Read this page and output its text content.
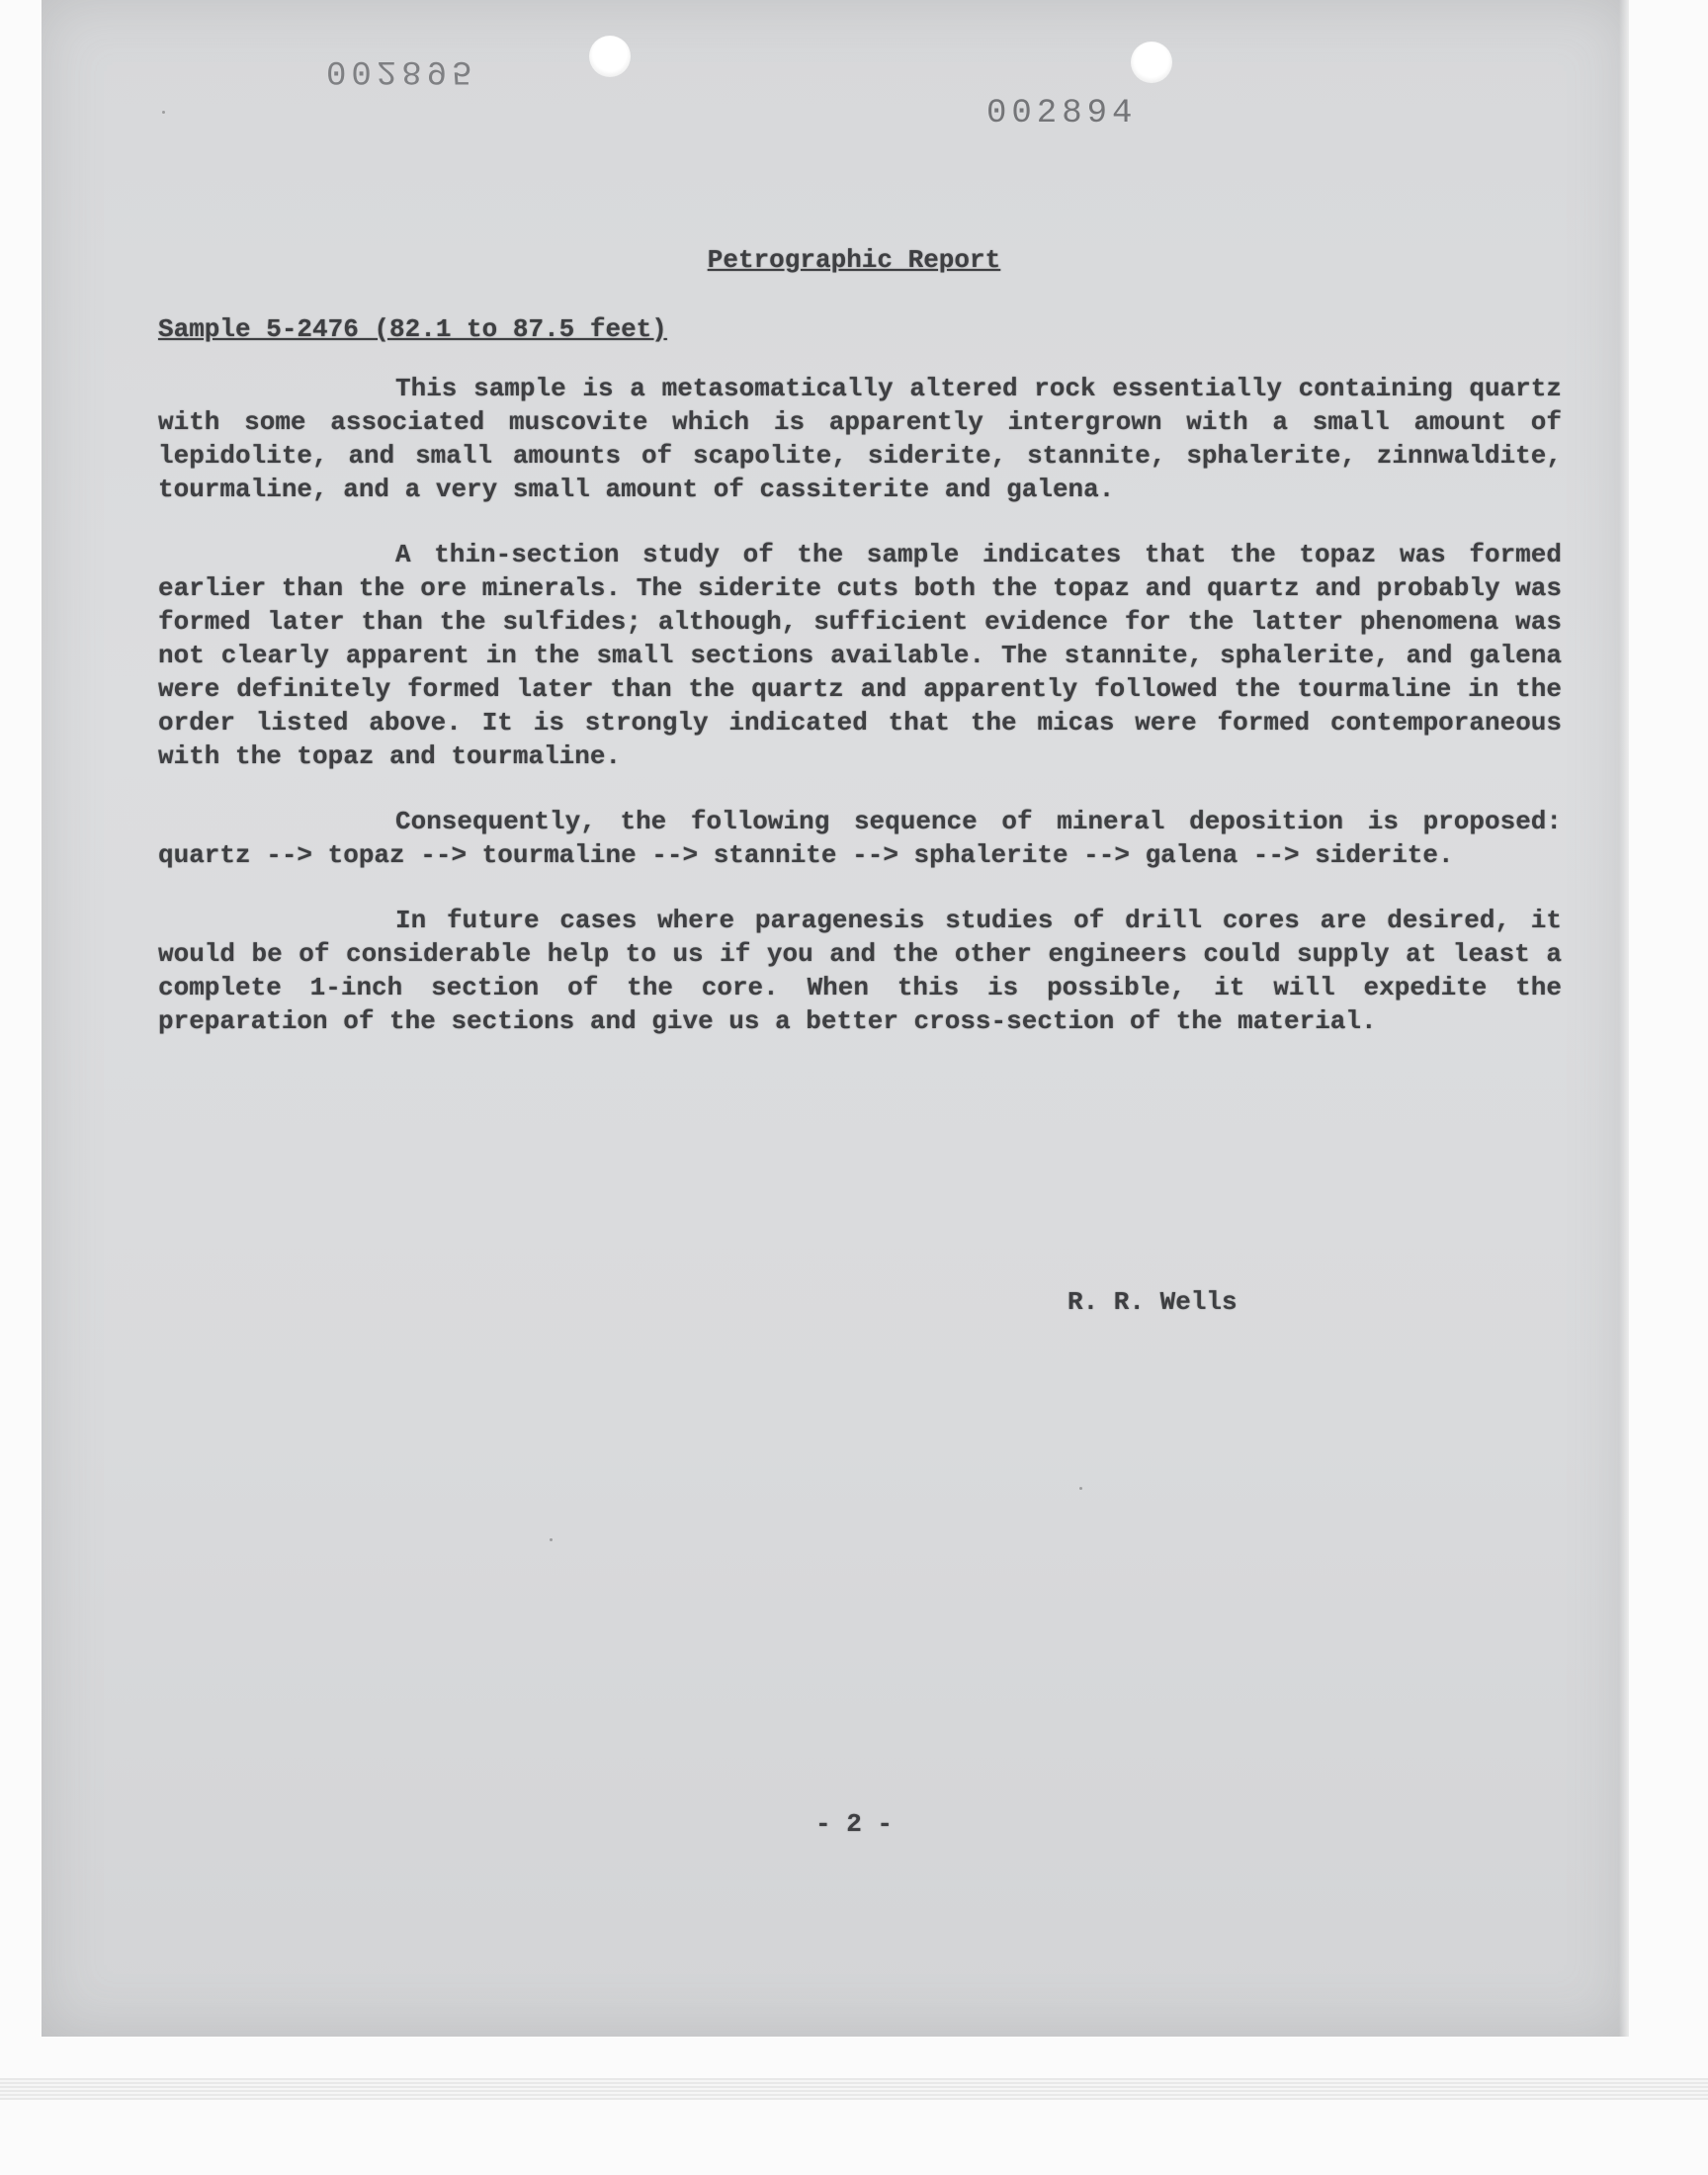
002895
002894
Petrographic Report
Sample 5-2476 (82.1 to 87.5 feet)

This sample is a metasomatically altered rock essentially containing quartz with some associated muscovite which is apparently intergrown with a small amount of lepidolite, and small amounts of scapolite, siderite, stannite, sphalerite, zinnwaldite, tourmaline, and a very small amount of cassiterite and galena.

A thin-section study of the sample indicates that the topaz was formed earlier than the ore minerals. The siderite cuts both the topaz and quartz and probably was formed later than the sulfides; although, sufficient evidence for the latter phenomena was not clearly apparent in the small sections available. The stannite, sphalerite, and galena were definitely formed later than the quartz and apparently followed the tourmaline in the order listed above. It is strongly indicated that the micas were formed contemporaneous with the topaz and tourmaline.

Consequently, the following sequence of mineral deposition is proposed: quartz --> topaz --> tourmaline --> stannite --> sphalerite --> galena --> siderite.

In future cases where paragenesis studies of drill cores are desired, it would be of considerable help to us if you and the other engineers could supply at least a complete 1-inch section of the core. When this is possible, it will expedite the preparation of the sections and give us a better cross-section of the material.

R. R. Wells

- 2 -
